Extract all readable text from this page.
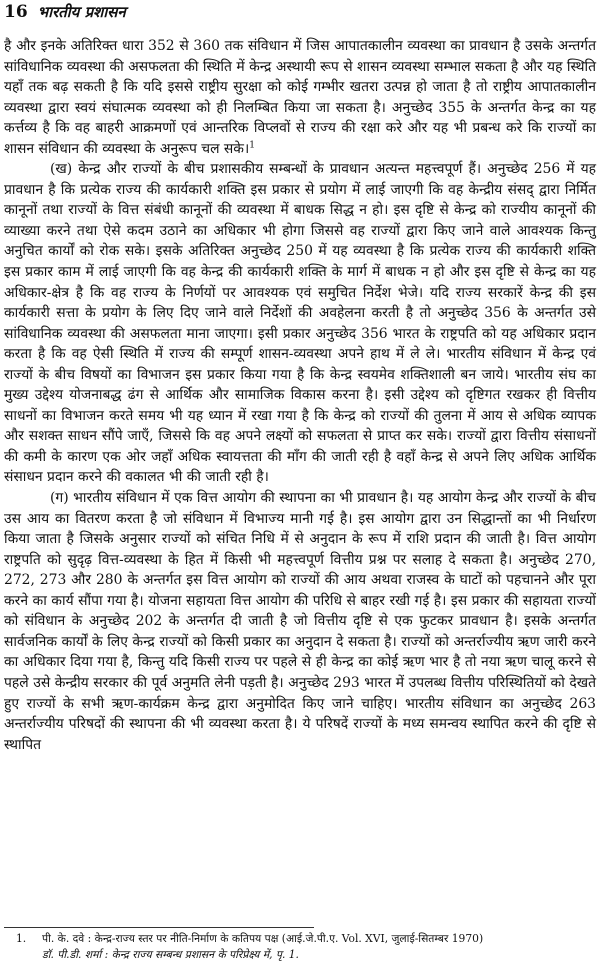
16 भारतीय प्रशासन

है और इनके अतिरिक्त धारा 352 से 360 तक संविधान में जिस आपातकालीन व्यवस्था का प्रावधान है उसके अन्तर्गत सांविधानिक व्यवस्था की असफलता की स्थिति में केन्द्र अस्थायी रूप से शासन व्यवस्था सम्भाल सकता है और यह स्थिति यहाँ तक बढ़ सकती है कि यदि इससे राष्ट्रीय सुरक्षा को कोई गम्भीर खतरा उत्पन्न हो जाता है तो राष्ट्रीय आपातकालीन व्यवस्था द्वारा स्वयं संघात्मक व्यवस्था को ही निलम्बित किया जा सकता है। अनुच्छेद 355 के अन्तर्गत केन्द्र का यह कर्त्तव्य है कि वह बाहरी आक्रमणों एवं आन्तरिक विप्लवों से राज्य की रक्षा करे और यह भी प्रबन्ध करे कि राज्यों का शासन संविधान की व्यवस्था के अनुरूप चल सके।$^1$

(ख) केन्द्र और राज्यों के बीच प्रशासकीय सम्बन्धों के प्रावधान अत्यन्त महत्त्वपूर्ण हैं। अनुच्छेद 256 में यह प्रावधान है कि प्रत्येक राज्य की कार्यकारी शक्ति इस प्रकार से प्रयोग में लाई जाएगी कि वह केन्द्रीय संसद् द्वारा निर्मित कानूनों तथा राज्यों के वित्त संबंधी कानूनों की व्यवस्था में बाधक सिद्ध न हो। इस दृष्टि से केन्द्र को राज्यीय कानूनों की व्याख्या करने तथा ऐसे कदम उठाने का अधिकार भी होगा जिससे वह राज्यों द्वारा किए जाने वाले आवश्यक किन्तु अनुचित कार्यों को रोक सके। इसके अतिरिक्त अनुच्छेद 250 में यह व्यवस्था है कि प्रत्येक राज्य की कार्यकारी शक्ति इस प्रकार काम में लाई जाएगी कि वह केन्द्र की कार्यकारी शक्ति के मार्ग में बाधक न हो और इस दृष्टि से केन्द्र का यह अधिकार-क्षेत्र है कि वह राज्य के निर्णयों पर आवश्यक एवं समुचित निर्देश भेजे। यदि राज्य सरकारें केन्द्र की इस कार्यकारी सत्ता के प्रयोग के लिए दिए जाने वाले निर्देशों की अवहेलना करती है तो अनुच्छेद 356 के अन्तर्गत उसे सांविधानिक व्यवस्था की असफलता माना जाएगा। इसी प्रकार अनुच्छेद 356 भारत के राष्ट्रपति को यह अधिकार प्रदान करता है कि वह ऐसी स्थिति में राज्य की सम्पूर्ण शासन-व्यवस्था अपने हाथ में ले ले। भारतीय संविधान में केन्द्र एवं राज्यों के बीच विषयों का विभाजन इस प्रकार किया गया है कि केन्द्र स्वयमेव शक्तिशाली बन जाये। भारतीय संघ का मुख्य उद्देश्य योजनाबद्ध ढंग से आर्थिक और सामाजिक विकास करना है। इसी उद्देश्य को दृष्टिगत रखकर ही वित्तीय साधनों का विभाजन करते समय भी यह ध्यान में रखा गया है कि केन्द्र को राज्यों की तुलना में आय से अधिक व्यापक और सशक्त साधन सौंपे जाएँ, जिससे कि वह अपने लक्ष्यों को सफलता से प्राप्त कर सके। राज्यों द्वारा वित्तीय संसाधनों की कमी के कारण एक ओर जहाँ अधिक स्वायत्तता की माँग की जाती रही है वहाँ केन्द्र से अपने लिए अधिक आर्थिक संसाधन प्रदान करने की वकालत भी की जाती रही है।

(ग) भारतीय संविधान में एक वित्त आयोग की स्थापना का भी प्रावधान है। यह आयोग केन्द्र और राज्यों के बीच उस आय का वितरण करता है जो संविधान में विभाज्य मानी गई है। इस आयोग द्वारा उन सिद्धान्तों का भी निर्धारण किया जाता है जिसके अनुसार राज्यों को संचित निधि में से अनुदान के रूप में राशि प्रदान की जाती है। वित्त आयोग राष्ट्रपति को सुदृढ़ वित्त-व्यवस्था के हित में किसी भी महत्त्वपूर्ण वित्तीय प्रश्न पर सलाह दे सकता है। अनुच्छेद 270, 272, 273 और 280 के अन्तर्गत इस वित्त आयोग को राज्यों की आय अथवा राजस्व के घाटों को पहचानने और पूरा करने का कार्य सौंपा गया है। योजना सहायता वित्त आयोग की परिधि से बाहर रखी गई है। इस प्रकार की सहायता राज्यों को संविधान के अनुच्छेद 202 के अन्तर्गत दी जाती है जो वित्तीय दृष्टि से एक फुटकर प्रावधान है। इसके अन्तर्गत सार्वजनिक कार्यों के लिए केन्द्र राज्यों को किसी प्रकार का अनुदान दे सकता है। राज्यों को अन्तर्राज्यीय ऋण जारी करने का अधिकार दिया गया है, किन्तु यदि किसी राज्य पर पहले से ही केन्द्र का कोई ऋण भार है तो नया ऋण चालू करने से पहले उसे केन्द्रीय सरकार की पूर्व अनुमति लेनी पड़ती है। अनुच्छेद 293 भारत में उपलब्ध वित्तीय परिस्थितियों को देखते हुए राज्यों के सभी ऋण-कार्यक्रम केन्द्र द्वारा अनुमोदित किए जाने चाहिए। भारतीय संविधान का अनुच्छेद 263 अन्तर्राज्यीय परिषदों की स्थापना की भी व्यवस्था करता है। ये परिषदें राज्यों के मध्य समन्वय स्थापित करने की दृष्टि से स्थापित

1. पी. के. दवे : केन्द्र-राज्य स्तर पर नीति-निर्माण के कतिपय पक्ष (आई.जे.पी.ए. Vol. XVI, जुलाई-सितम्बर 1970)
डॉ. पी.डी. शर्मा : केन्द्र राज्य सम्बन्ध प्रशासन के परिप्रेक्ष्य में, पृ. 1.
